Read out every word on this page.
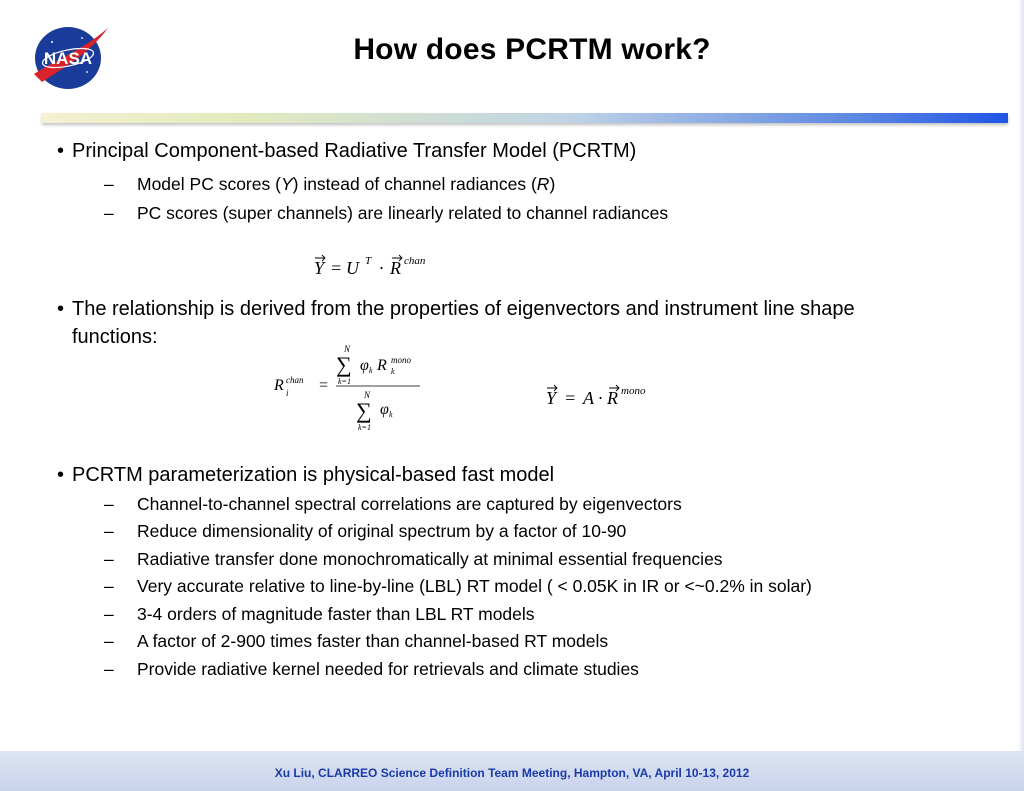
NASA	How does PCRTM work?
• Principal Component-based Radiative Transfer Model (PCRTM)
– Model PC scores (Y) instead of channel radiances (R)
– PC scores (super channels) are linearly related to channel radiances
Y = U T · R chan
• The relationship is derived from the properties of eigenvectors and instrument line shape
functions:
R chan
i =
N
∑
k=1
φ k R mono
k
N
∑
k=1
φ k
Y = A · R mono
• PCRTM parameterization is physical-based fast model
– Channel-to-channel spectral correlations are captured by eigenvectors
– Reduce dimensionality of original spectrum by a factor of 10-90
– Radiative transfer done monochromatically at minimal essential frequencies
– Very accurate relative to line-by-line (LBL) RT model ( < 0.05K in IR or <~0.2% in solar)
– 3-4 orders of magnitude faster than LBL RT models
– A factor of 2-900 times faster than channel-based RT models
– Provide radiative kernel needed for retrievals and climate studies
Xu Liu, CLARREO Science Definition Team Meeting, Hampton, VA, April 10-13, 2012
